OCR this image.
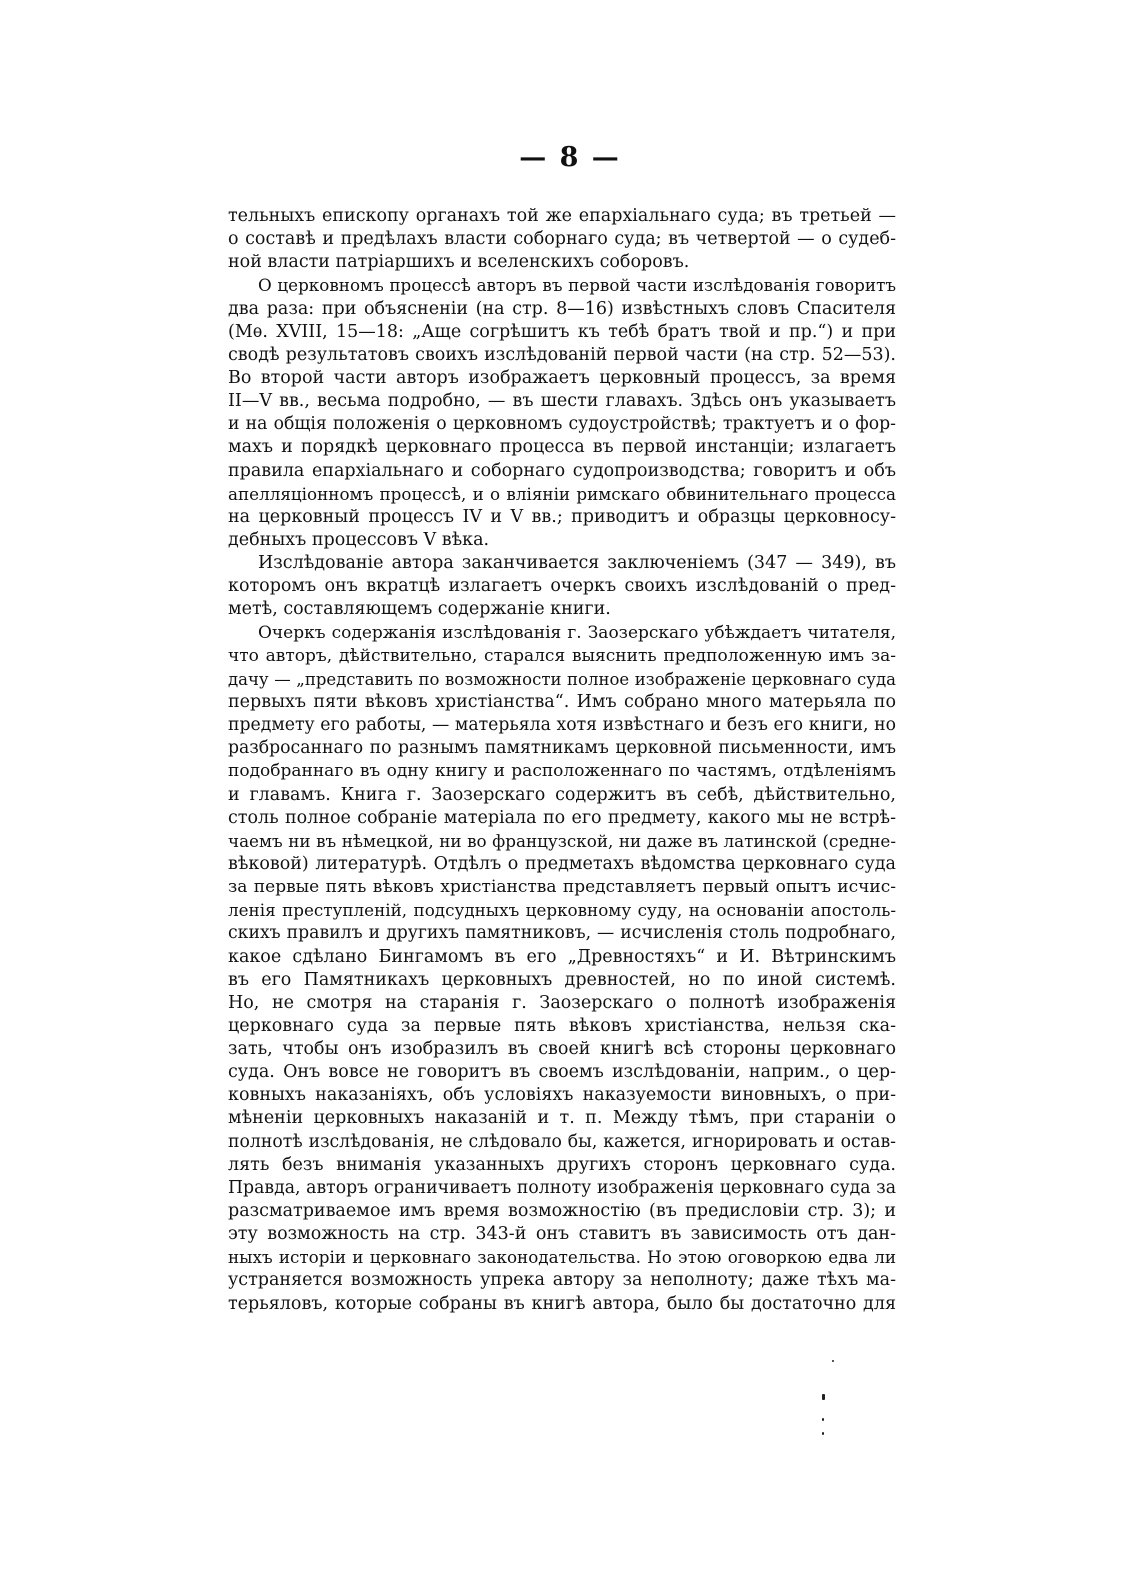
— 8 —
тельныхъ епископу органахъ той же епархіальнаго суда; въ третьей —
о составѣ и предѣлахъ власти соборнаго суда; въ четвертой — о судеб-
ной власти патріаршихъ и вселенскихъ соборовъ.
О церковномъ процессѣ авторъ въ первой части изслѣдованія говоритъ
два раза: при объясненіи (на стр. 8—16) извѣстныхъ словъ Спасителя
(Мѳ. XVIII, 15—18: „Аще согрѣшитъ къ тебѣ братъ твой и пр.“) и при
сводѣ результатовъ своихъ изслѣдованій первой части (на стр. 52—53).
Во второй части авторъ изображаетъ церковный процессъ, за время
II—V вв., весьма подробно, — въ шести главахъ. Здѣсь онъ указываетъ
и на общія положенія о церковномъ судоустройствѣ; трактуетъ и о фор-
махъ и порядкѣ церковнаго процесса въ первой инстанціи; излагаетъ
правила епархіальнаго и соборнаго судопроизводства; говоритъ и объ
апелляціонномъ процессѣ, и о вліяніи римскаго обвинительнаго процесса
на церковный процессъ IV и V вв.; приводитъ и образцы церковносу-
дебныхъ процессовъ V вѣка.
Изслѣдованіе автора заканчивается заключеніемъ (347 — 349), въ
которомъ онъ вкратцѣ излагаетъ очеркъ своихъ изслѣдованій о пред-
метѣ, составляющемъ содержаніе книги.
Очеркъ содержанія изслѣдованія г. Заозерскаго убѣждаетъ читателя,
что авторъ, дѣйствительно, старался выяснить предположенную имъ за-
дачу — „представить по возможности полное изображеніе церковнаго суда
первыхъ пяти вѣковъ христіанства“. Имъ собрано много матерьяла по
предмету его работы, — матерьяла хотя извѣстнаго и безъ его книги, но
разбросаннаго по разнымъ памятникамъ церковной письменности, имъ
подобраннаго въ одну книгу и расположеннаго по частямъ, отдѣленіямъ
и главамъ. Книга г. Заозерскаго содержитъ въ себѣ, дѣйствительно,
столь полное собраніе матеріала по его предмету, какого мы не встрѣ-
чаемъ ни въ нѣмецкой, ни во французской, ни даже въ латинской (средне-
вѣковой) литературѣ. Отдѣлъ о предметахъ вѣдомства церковнаго суда
за первые пять вѣковъ христіанства представляетъ первый опытъ исчис-
ленія преступленій, подсудныхъ церковному суду, на основаніи апостоль-
скихъ правилъ и другихъ памятниковъ, — исчисленія столь подробнаго,
какое сдѣлано Бингамомъ въ его „Древностяхъ“ и И. Вѣтринскимъ
въ его Памятникахъ церковныхъ древностей, но по иной системѣ.
Но, не смотря на старанія г. Заозерскаго о полнотѣ изображенія
церковнаго суда за первые пять вѣковъ христіанства, нельзя ска-
зать, чтобы онъ изобразилъ въ своей книгѣ всѣ стороны церковнаго
суда. Онъ вовсе не говоритъ въ своемъ изслѣдованіи, наприм., о цер-
ковныхъ наказаніяхъ, объ условіяхъ наказуемости виновныхъ, о при-
мѣненіи церковныхъ наказаній и т. п. Между тѣмъ, при стараніи о
полнотѣ изслѣдованія, не слѣдовало бы, кажется, игнорировать и остав-
лять безъ вниманія указанныхъ другихъ сторонъ церковнаго суда.
Правда, авторъ ограничиваетъ полноту изображенія церковнаго суда за
разсматриваемое имъ время возможностію (въ предисловіи стр. 3); и
эту возможность на стр. 343-й онъ ставитъ въ зависимость отъ дан-
ныхъ исторіи и церковнаго законодательства. Но этою оговоркою едва ли
устраняется возможность упрека автору за неполноту; даже тѣхъ ма-
терьяловъ, которые собраны въ книгѣ автора, было бы достаточно для
